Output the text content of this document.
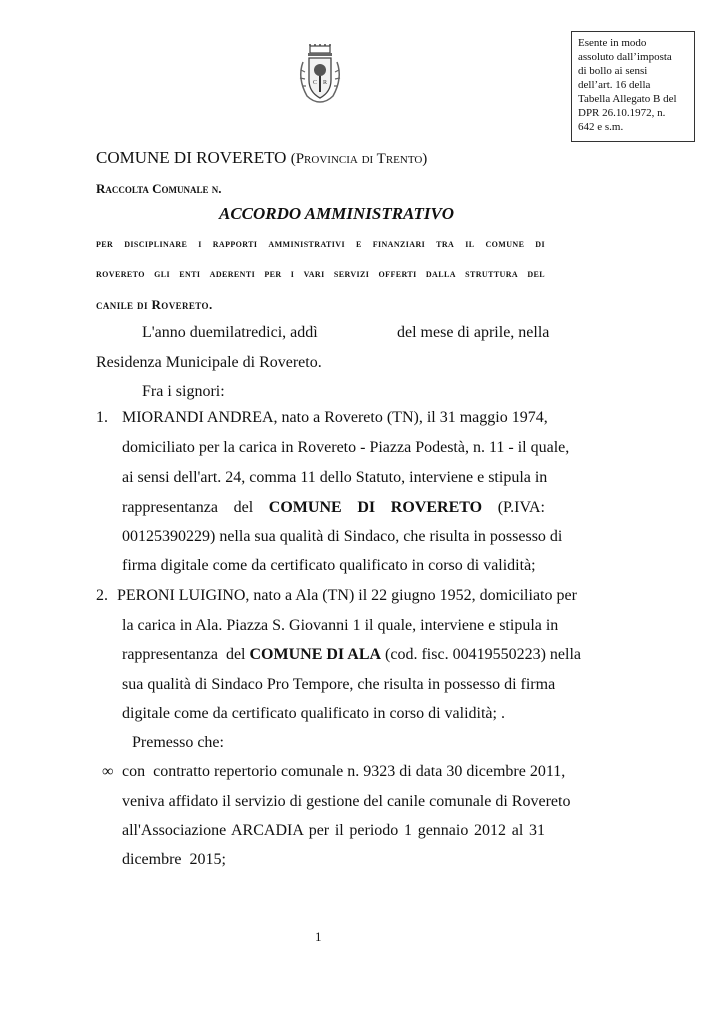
Esente in modo
assoluto dall’imposta
di bollo ai sensi
dell’art. 16 della
Tabella Allegato B del
DPR 26.10.1972, n.
642 e s.m.
C R
COMUNE DI ROVERETO (Provincia di Trento)
Raccolta Comunale n.
ACCORDO AMMINISTRATIVO
per disciplinare i rapporti amministrativi e finanziari tra il comune di
rovereto gli enti aderenti per i vari servizi offerti dalla struttura del
canile di Rovereto.
L'anno duemilatredici, addì	del mese di aprile, nella
Residenza Municipale di Rovereto.
Fra i signori:
1. MIORANDI ANDREA, nato a Rovereto (TN), il 31 maggio 1974,
domiciliato per la carica in Rovereto - Piazza Podestà, n. 11 - il quale,
ai sensi dell'art. 24, comma 11 dello Statuto, interviene e stipula in
rappresentanza del COMUNE DI ROVERETO (P.IVA:
00125390229) nella sua qualità di Sindaco, che risulta in possesso di
firma digitale come da certificato qualificato in corso di validità;
2. PERONI LUIGINO, nato a Ala (TN) il 22 giugno 1952, domiciliato per
la carica in Ala. Piazza S. Giovanni 1 il quale, interviene e stipula in
rappresentanza  del COMUNE DI ALA (cod. fisc. 00419550223) nella
sua qualità di Sindaco Pro Tempore, che risulta in possesso di firma
digitale come da certificato qualificato in corso di validità; .
Premesso che:
∞ con  contratto repertorio comunale n. 9323 di data 30 dicembre 2011,
veniva affidato il servizio di gestione del canile comunale di Rovereto
all'Associazione ARCADIA per il periodo 1 gennaio 2012 al 31
dicembre  2015;
1
